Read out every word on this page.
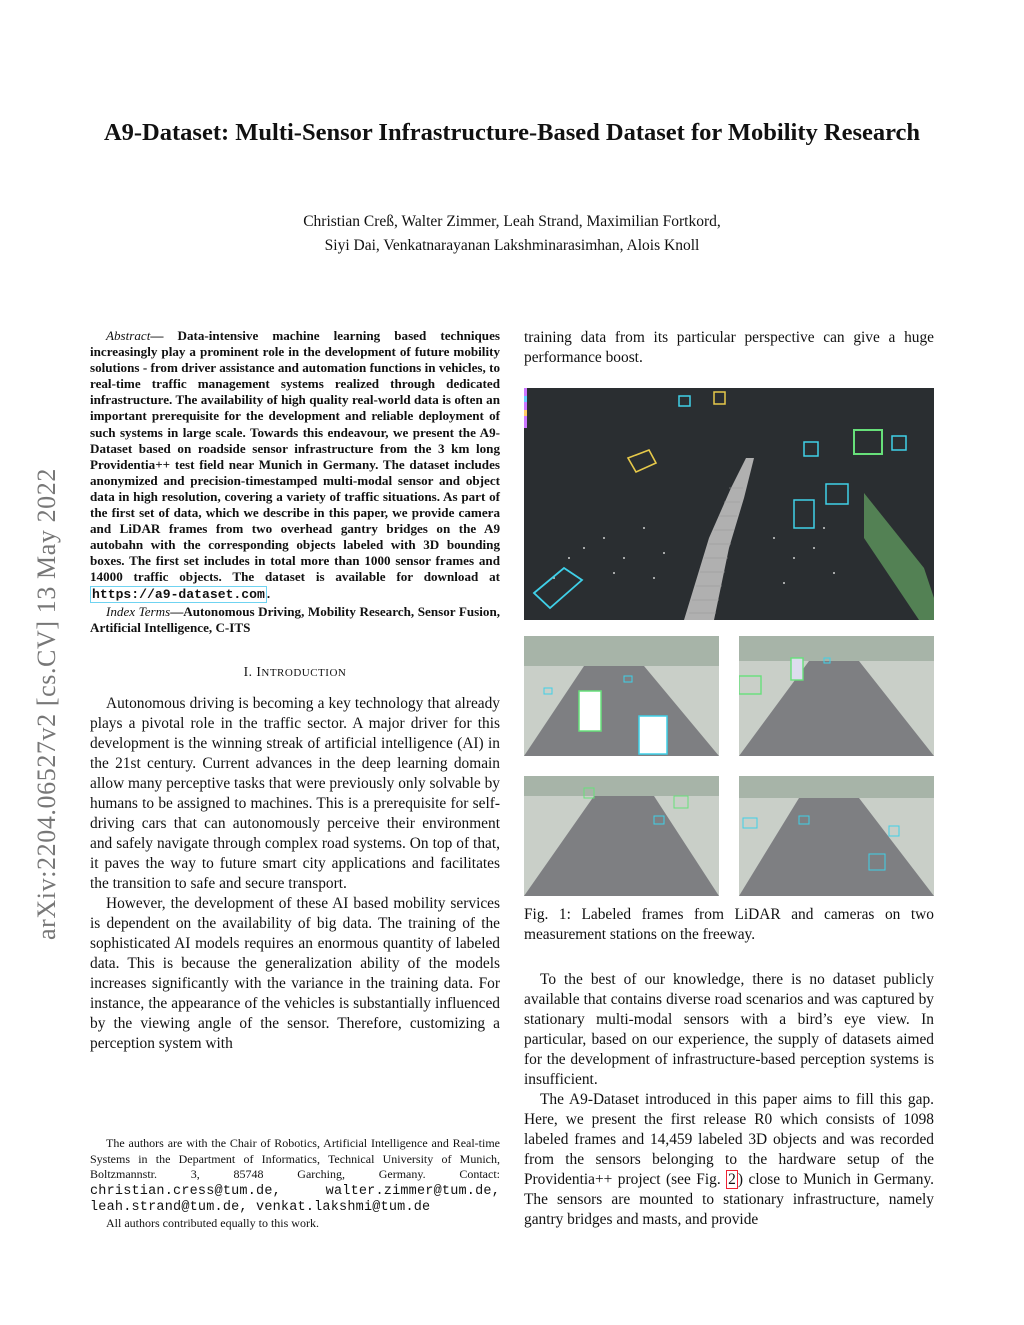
arXiv:2204.06527v2 [cs.CV] 13 May 2022
A9-Dataset: Multi-Sensor Infrastructure-Based Dataset for Mobility Research
Christian Creß, Walter Zimmer, Leah Strand, Maximilian Fortkord,
Siyi Dai, Venkatnarayanan Lakshminarasimhan, Alois Knoll
Abstract— Data-intensive machine learning based techniques increasingly play a prominent role in the development of future mobility solutions - from driver assistance and automation functions in vehicles, to real-time traffic management systems realized through dedicated infrastructure. The availability of high quality real-world data is often an important prerequisite for the development and reliable deployment of such systems in large scale. Towards this endeavour, we present the A9-Dataset based on roadside sensor infrastructure from the 3 km long Providentia++ test field near Munich in Germany. The dataset includes anonymized and precision-timestamped multi-modal sensor and object data in high resolution, covering a variety of traffic situations. As part of the first set of data, which we describe in this paper, we provide camera and LiDAR frames from two overhead gantry bridges on the A9 autobahn with the corresponding objects labeled with 3D bounding boxes. The first set includes in total more than 1000 sensor frames and 14000 traffic objects. The dataset is available for download at https://a9-dataset.com .
Index Terms—Autonomous Driving, Mobility Research, Sensor Fusion, Artificial Intelligence, C-ITS
I. INTRODUCTION

Autonomous driving is becoming a key technology that already plays a pivotal role in the traffic sector. A major driver for this development is the winning streak of artificial intelligence (AI) in the 21st century. Current advances in the deep learning domain allow many perceptive tasks that were previously only solvable by humans to be assigned to machines. This is a prerequisite for self-driving cars that can autonomously perceive their environment and safely navigate through complex road systems. On top of that, it paves the way to future smart city applications and facilitates the transition to safe and secure transport.

However, the development of these AI based mobility services is dependent on the availability of big data. The training of the sophisticated AI models requires an enormous quantity of labeled data. This is because the generalization ability of the models increases significantly with the variance in the training data. For instance, the appearance of the vehicles is substantially influenced by the viewing angle of the sensor. Therefore, customizing a perception system with

The authors are with the Chair of Robotics, Artificial Intelligence and Real-time Systems in the Department of Informatics, Technical University of Munich, Boltzmannstr. 3, 85748 Garching, Germany. Contact: christian.cress@tum.de, walter.zimmer@tum.de, leah.strand@tum.de, venkat.lakshmi@tum.de

All authors contributed equally to this work.

training data from its particular perspective can give a huge performance boost.

Fig. 1: Labeled frames from LiDAR and cameras on two measurement stations on the freeway.

To the best of our knowledge, there is no dataset publicly available that contains diverse road scenarios and was captured by stationary multi-modal sensors with a bird’s eye view. In particular, based on our experience, the supply of datasets aimed for the development of infrastructure-based perception systems is insufficient.

The A9-Dataset introduced in this paper aims to fill this gap. Here, we present the first release R0 which consists of 1098 labeled frames and 14,459 labeled 3D objects and was recorded from the sensors belonging to the hardware setup of the Providentia++ project (see Fig. 2 ) close to Munich in Germany. The sensors are mounted to stationary infrastructure, namely gantry bridges and masts, and provide
